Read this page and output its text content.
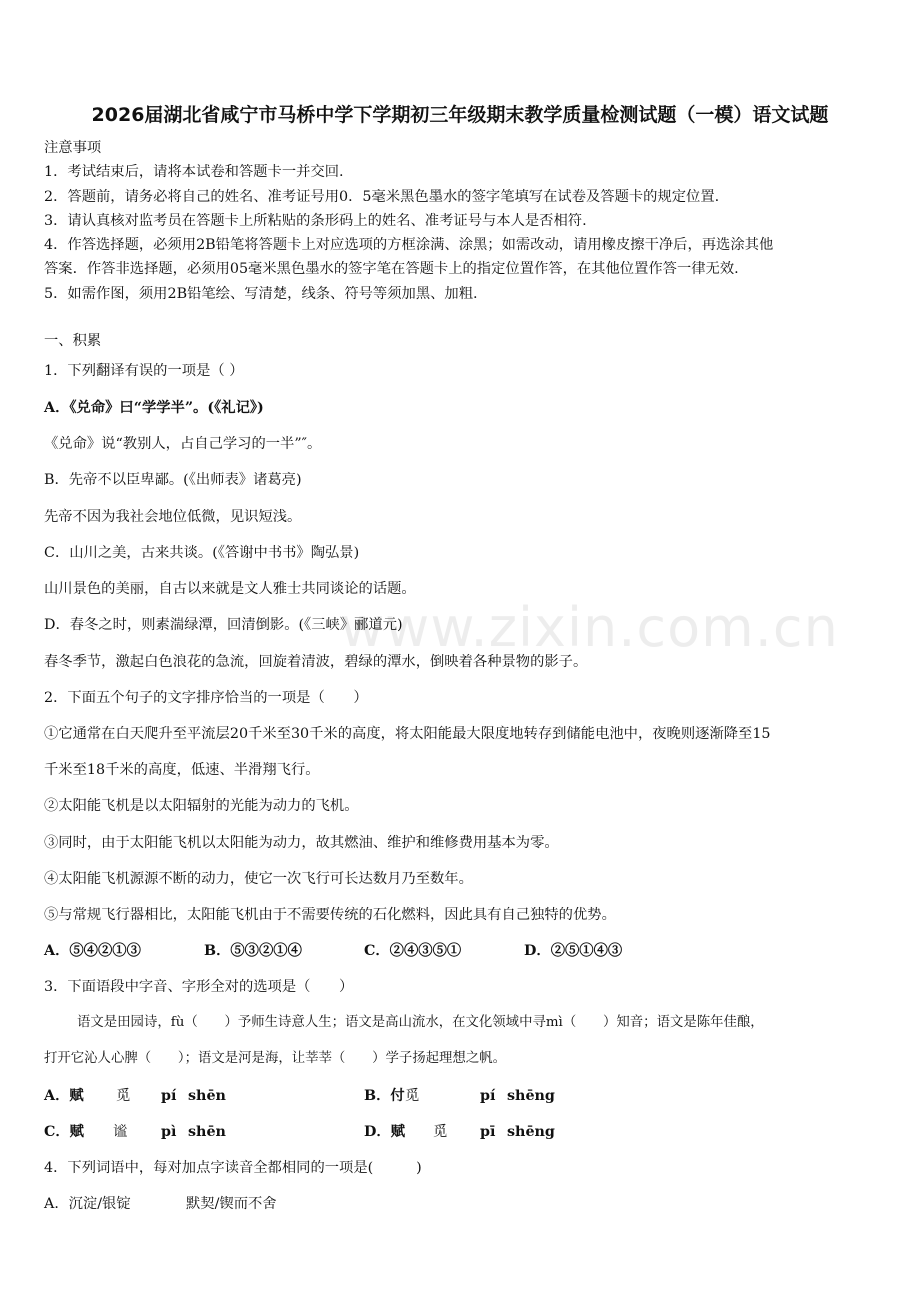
www.zixin.com.cn
2026届湖北省咸宁市马桥中学下学期初三年级期末教学质量检测试题（一模）语文试题
注意事项
1．考试结束后，请将本试卷和答题卡一并交回.
2．答题前，请务必将自己的姓名、准考证号用0．5毫米黑色墨水的签字笔填写在试卷及答题卡的规定位置.
3．请认真核对监考员在答题卡上所粘贴的条形码上的姓名、准考证号与本人是否相符.
4．作答选择题，必须用2B铅笔将答题卡上对应选项的方框涂满、涂黑；如需改动，请用橡皮擦干净后，再选涂其他
答案．作答非选择题，必须用05毫米黑色墨水的签字笔在答题卡上的指定位置作答，在其他位置作答一律无效.
5．如需作图，须用2B铅笔绘、写清楚，线条、符号等须加黑、加粗.
一、积累
1．下列翻译有误的一项是（ ）
A．《兑命》曰“学学半”。(《礼记》)
《兑命》说“教别人，占自己学习的一半”″。
B．先帝不以臣卑鄙。(《出师表》诸葛亮)
先帝不因为我社会地位低微，见识短浅。
C．山川之美，古来共谈。(《答谢中书书》陶弘景)
山川景色的美丽，自古以来就是文人雅士共同谈论的话题。
D．春冬之时，则素湍绿潭，回清倒影。(《三峡》郦道元)
春冬季节，激起白色浪花的急流，回旋着清波，碧绿的潭水，倒映着各种景物的影子。
2．下面五个句子的文字排序恰当的一项是（　　）
①它通常在白天爬升至平流层20千米至30千米的高度，将太阳能最大限度地转存到储能电池中，夜晚则逐渐降至15
千米至18千米的高度，低速、半滑翔飞行。
②太阳能飞机是以太阳辐射的光能为动力的飞机。
③同时，由于太阳能飞机以太阳能为动力，故其燃油、维护和维修费用基本为零。
④太阳能飞机源源不断的动力，使它一次飞行可长达数月乃至数年。
⑤与常规飞行器相比，太阳能飞机由于不需要传统的石化燃料，因此具有自己独特的优势。
A．⑤④②①③	B．⑤③②①④	C．②④③⑤①	D．②⑤①④③
3．下面语段中字音、字形全对的选项是（　　）
语文是田园诗，fù（　　）予师生诗意人生；语文是高山流水，在文化领域中寻mì（　　）知音；语文是陈年佳酿，
打开它沁人心脾（　　）；语文是河是海，让莘莘（　　）学子扬起理想之帆。
A．赋 觅 pí shēn	B．付 觅	pí shēng
C．赋 谧 pì shēn	D．赋 觅 pī shēng
4．下列词语中，每对加点字读音全都相同的一项是(　　　)
A．沉淀/银锭	默契/锲而不舍
